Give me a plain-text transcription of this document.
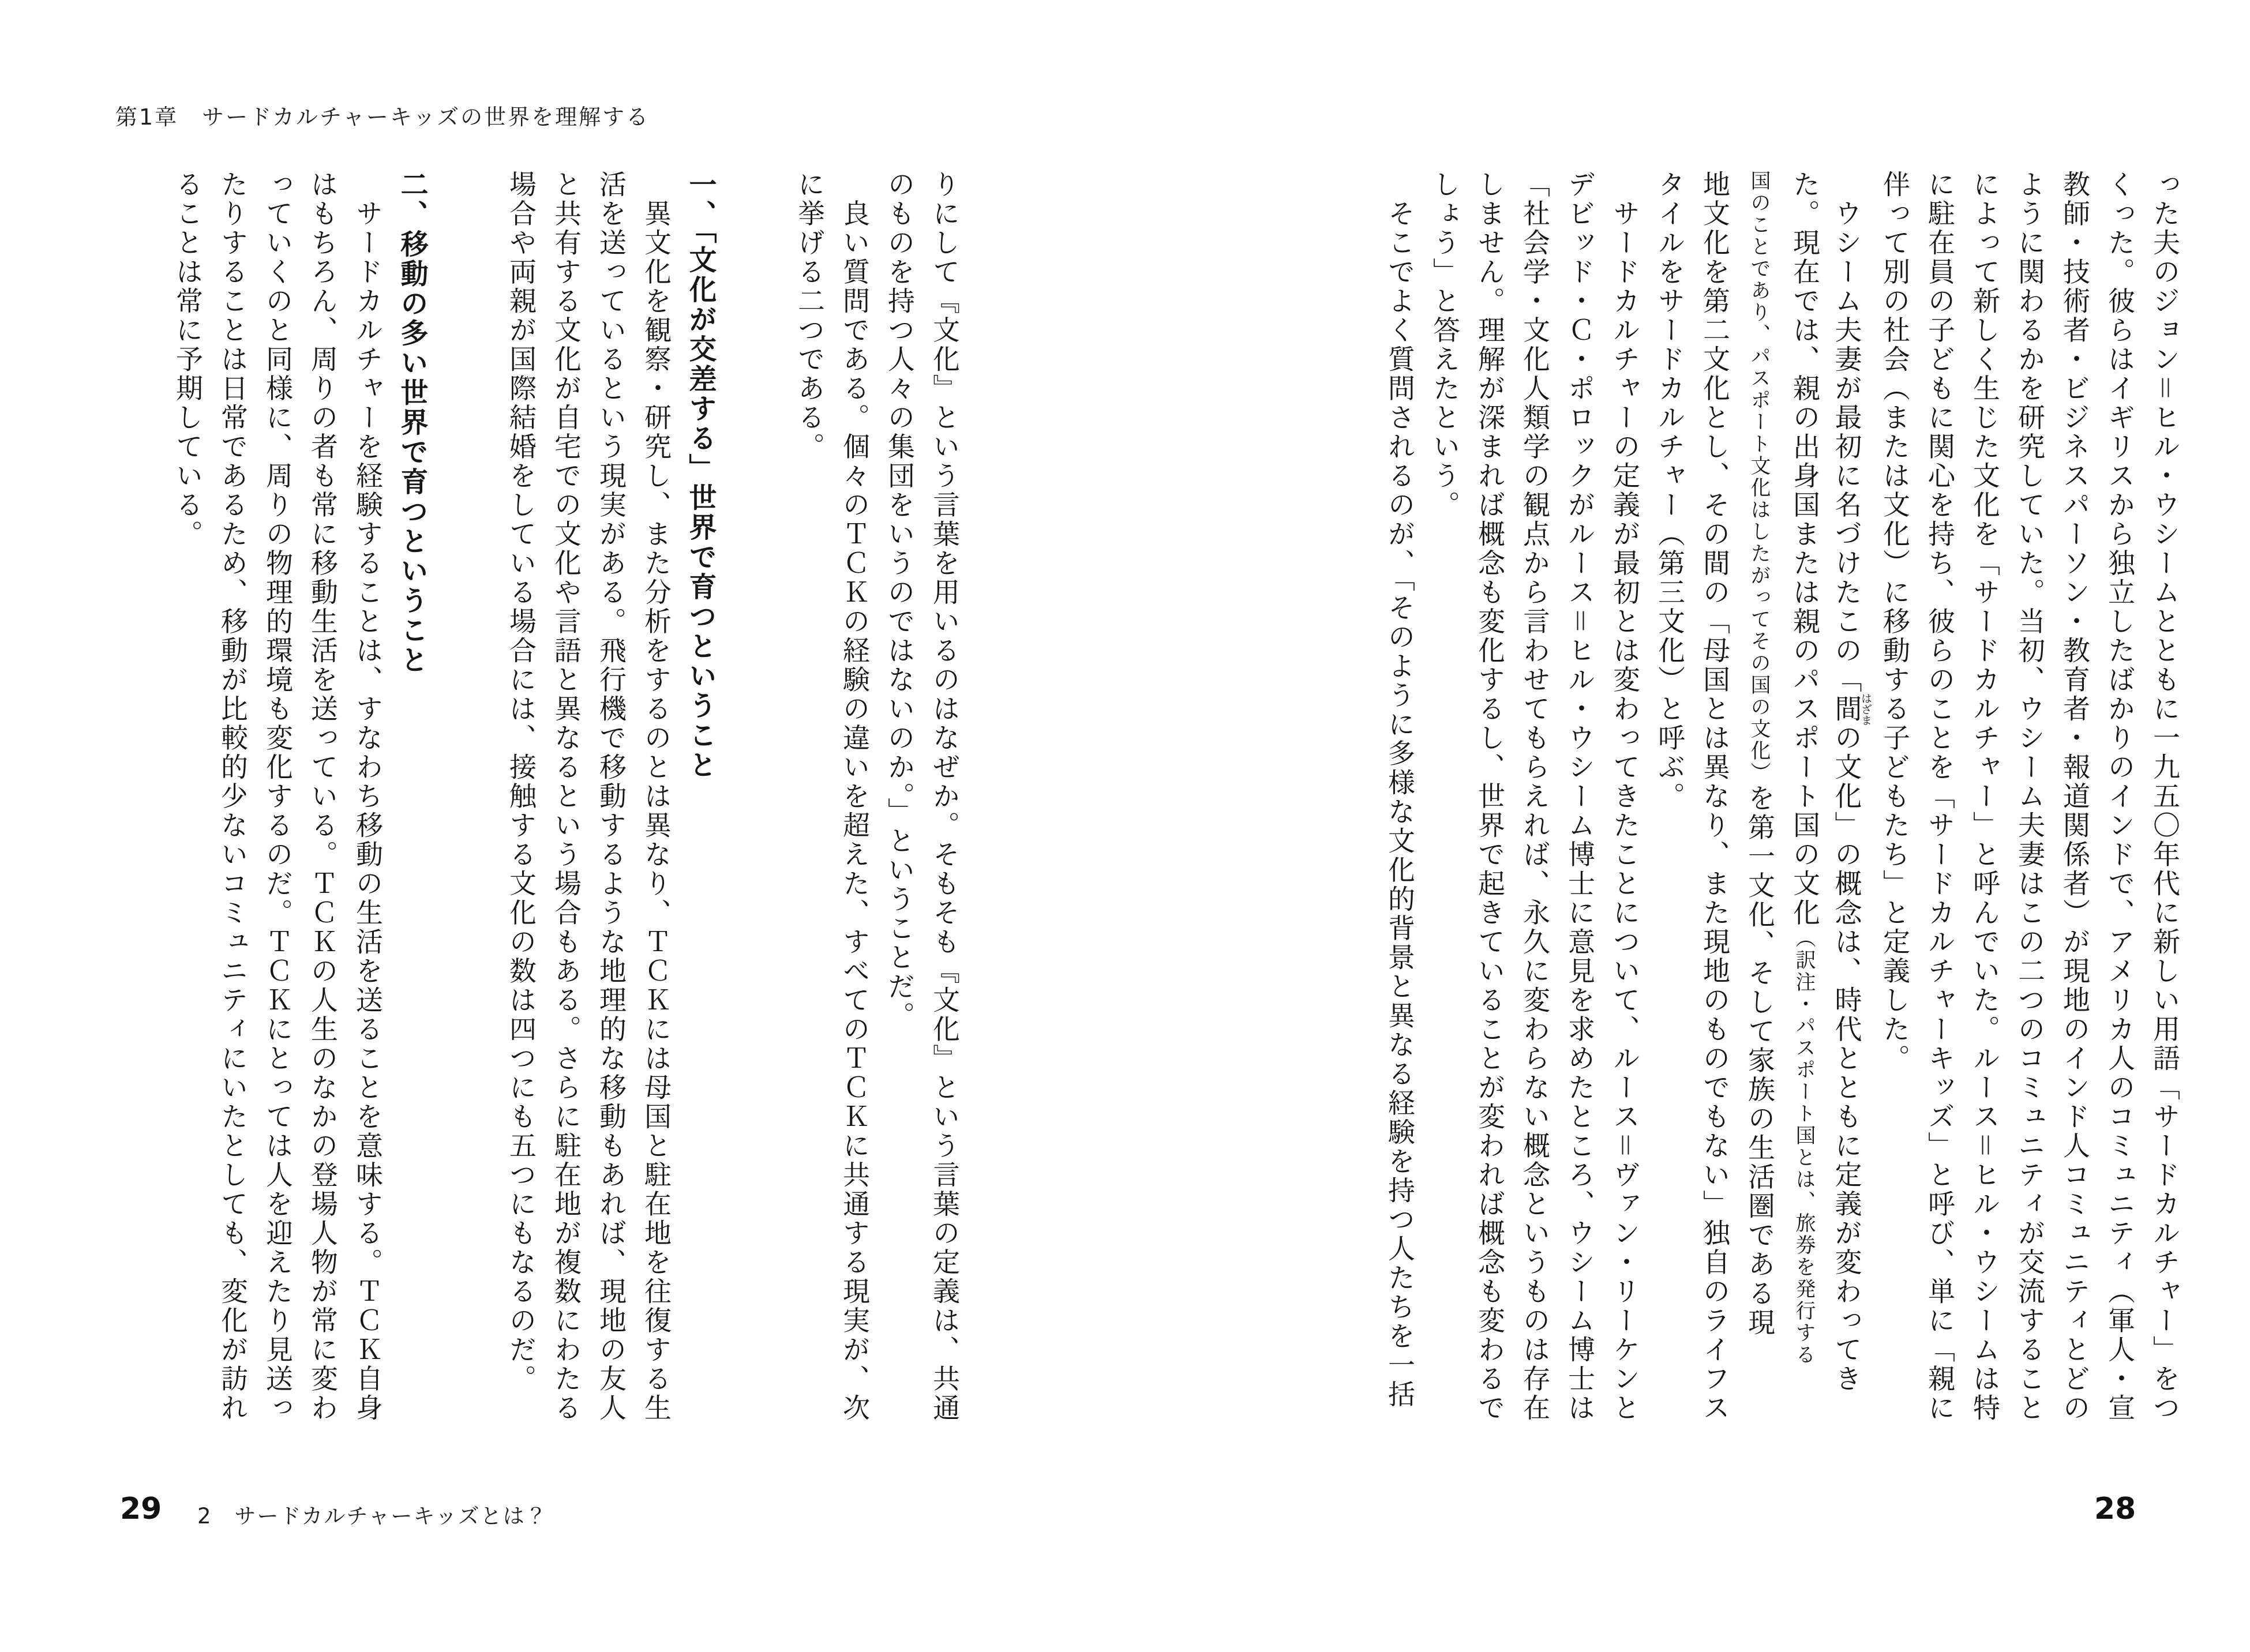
第1章　サードカルチャーキッズの世界を理解する
った夫のジョン＝ヒル・ウシームとともに一九五〇年代に新しい用語「サードカルチャー」をつ
くった。彼らはイギリスから独立したばかりのインドで、アメリカ人のコミュニティ（軍人・宣
教師・技術者・ビジネスパーソン・教育者・報道関係者）が現地のインド人コミュニティとどの
ように関わるかを研究していた。当初、ウシーム夫妻はこの二つのコミュニティが交流すること
によって新しく生じた文化を「サードカルチャー」と呼んでいた。ルース＝ヒル・ウシームは特
に駐在員の子どもに関心を持ち、彼らのことを「サードカルチャーキッズ」と呼び、単に「親に
伴って別の社会（または文化）に移動する子どもたち」と定義した。
　ウシーム夫妻が最初に名づけたこの「間はざまの文化」の概念は、時代とともに定義が変わってき
た。現在では、親の出身国または親のパスポート国の文化（訳注・パスポート国とは、旅券を発行する
国のことであり、パスポート文化はしたがってその国の文化）を第一文化、そして家族の生活圏である現
地文化を第二文化とし、その間の「母国とは異なり、また現地のものでもない」独自のライフス
タイルをサードカルチャー（第三文化）と呼ぶ。
　サードカルチャーの定義が最初とは変わってきたことについて、ルース＝ヴァン・リーケンと
デビッド・Ｃ・ポロックがルース＝ヒル・ウシーム博士に意見を求めたところ、ウシーム博士は
「社会学・文化人類学の観点から言わせてもらえれば、永久に変わらない概念というものは存在
しません。理解が深まれば概念も変化するし、世界で起きていることが変われば概念も変わるで
しょう」と答えたという。
　そこでよく質問されるのが、「そのように多様な文化的背景と異なる経験を持つ人たちを一括
りにして『文化』という言葉を用いるのはなぜか。そもそも『文化』という言葉の定義は、共通
のものを持つ人々の集団をいうのではないのか。」ということだ。
　良い質問である。個々のＴＣＫの経験の違いを超えた、すべてのＴＣＫに共通する現実が、次
に挙げる二つである。
一、「文化が交差する」世界で育つということ
　異文化を観察・研究し、また分析をするのとは異なり、ＴＣＫには母国と駐在地を往復する生
活を送っているという現実がある。飛行機で移動するような地理的な移動もあれば、現地の友人
と共有する文化が自宅での文化や言語と異なるという場合もある。さらに駐在地が複数にわたる
場合や両親が国際結婚をしている場合には、接触する文化の数は四つにも五つにもなるのだ。
二、移動の多い世界で育つということ
　サードカルチャーを経験することは、すなわち移動の生活を送ることを意味する。ＴＣＫ自身
はもちろん、周りの者も常に移動生活を送っている。ＴＣＫの人生のなかの登場人物が常に変わ
っていくのと同様に、周りの物理的環境も変化するのだ。ＴＣＫにとっては人を迎えたり見送っ
たりすることは日常であるため、移動が比較的少ないコミュニティにいたとしても、変化が訪れ
ることは常に予期している。
29 2　サードカルチャーキッズとは？	28
